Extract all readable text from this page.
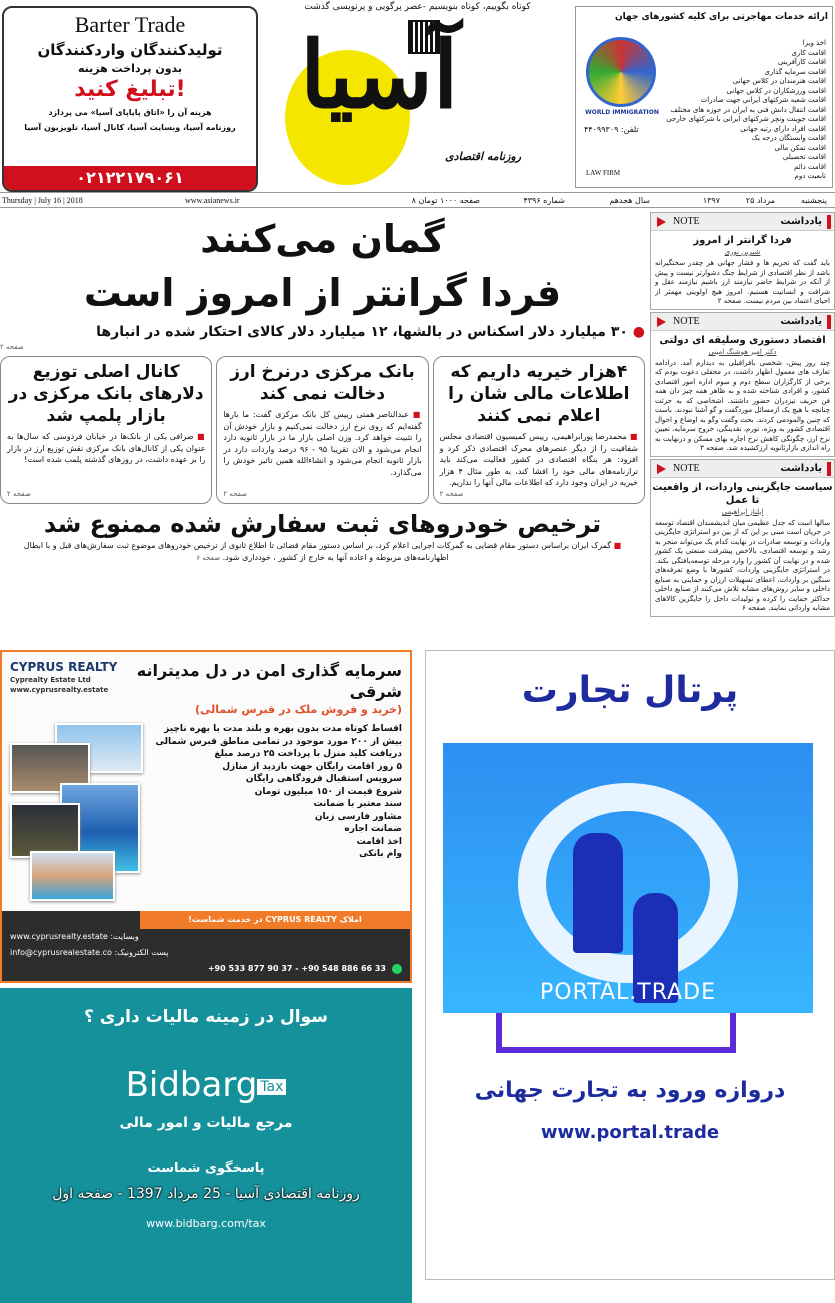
Barter Trade
تولیدکنندگان واردکنندگان
بدون پرداخت هزینه
تبلیغ کنید!
هزینه آن را «اتاق پایاپای آسیا» می پردازد
روزنامه آسیا، وبسایت آسیا، کانال آسیا، تلویزیون آسیا
۰۲۱۲۲۱۷۹۰۶۱
کوتاه بگوییم، کوتاه بنویسیم -عصر پرگویی و پرنویسی گذشت
آسیا
روزنامه اقتصادی
ارائه خدمات مهاجرتی برای کلیه کشورهای جهان
اخذ ویزا
اقامت کاری
اقامت کارآفرینی
اقامت سرمایه گذاری
اقامت هنرمندان در کلاس جهانی
اقامت ورزشکاران در کلاس جهانی
اقامت شعبه شرکتهای ایرانی جهت صادرات
اقامت انتقال دانش فنی به ایران در حوزه های مختلف
اقامت جوینت ونچر شرکتهای ایرانی با شرکتهای خارجی
اقامت افراد دارای رتبه جهانی
اقامت وابستگان درجه یک
اقامت تمکن مالی
اقامت تحصیلی
اقامت دائم
تابعیت دوم
WORLD IMMIGRATION
تلفن: ۴۴۰۹۹۳۰۹
LAW FIRM
پنجشنبه
۲۵ مرداد
۱۳۹۷
سال هجدهم
شماره ۴۳۹۶
۸ صفحه ۱۰۰۰ تومان
www.asianews.ir
Thursday | July 16 | 2018
گمان می‌کنند
فردا گرانتر از امروز است
● ۳۰ میلیارد دلار اسکناس در بالشها، ۱۲ میلیارد دلار کالای احتکار شده در انبارها
صفحه ۲
۴هزار خیریه داریم که اطلاعات مالی شان را اعلام نمی کنند
■ محمدرضا پورابراهیمی، رییس کمیسیون اقتصادی مجلس شفافیت را از دیگر عنصرهای محرک اقتصادی ذکر کرد و افزود: هر بنگاه اقتصادی در کشور فعالیت می‌کند باید ترازنامه‌های مالی خود را افشا کند، به طور مثال ۴ هزار خیریه در ایران وجود دارد که اطلاعات مالی آنها را نداریم.
صفحه ۲
بانک مرکزی درنرخ ارز دخالت نمی کند
■ عبدالناصر همتی رییس کل بانک مرکزی گفت: ما بارها گفته‌ایم که روی نرخ ارز دخالت نمی‌کنیم و بازار خودش آن را تثبیت خواهد کرد. وزن اصلی بازار ما در بازار ثانویه دارد انجام می‌شود و الان تقریبا ۹۵ - ۹۶ درصد واردات دارد در بازار ثانویه انجام می‌شود و انشاءالله همین تاثیر خودش را می‌گذارد.
صفحه ۲
کانال اصلی توزیع دلارهای بانک مرکزی در بازار پلمپ شد
■ صرافی یکی از بانک‌ها در خیابان فردوسی که سال‌ها به عنوان یکی از کانال‌های بانک مرکزی نقش توزیع ارز در بازار را بر عهده داشت، در روزهای گذشته پلمب شده است!
صفحه ۲
ترخیص خودروهای ثبت سفارش شده ممنوع شد
■ گمرک ایران براساس دستور مقام قضایی به گمرکات اجرایی اعلام کرد، بر اساس دستور مقام قضائی تا اطلاع ثانوی از ترخیص خودروهای موضوع ثبت سفارش‌های قبل و با ابطال اظهارنامه‌های مربوطه و اعاده آنها به خارج از کشور ، خودداری شود. صفحه ۶
NOTE	یادداشت
فردا گرانتر از امروز
شیرین نوری
باید گفت که تحریم ها و فشار جهانی هر چقدر سختگیرانه باشد از نظر اقتصادی از شرایط جنگ دشوارتر نیست و پیش از آنکه در شرایط حاضر نیازمند ارز باشیم نیازمند عقل و شرافت و انسانیت هستیم. امروز هیچ اولویتی مهمتر از احیای اعتماد بین مردم نیست. صفحه ۲
NOTE	یادداشت
اقتصاد دستوری وسلیقه ای دولتی
دکتر امیر هوشنگ امینی
چند روز پیش، شخصی بافرافیلی به دیدارم آمد. درادامه تعارف های معمول اظهار داشت، در محفلی دعوت بودم که برخی از کارگزاران سطح دوم و سوم اداره امور اقتصادی کشور، و افرادی شناخته شده و به ظاهر همه چیز دان همه فن حریف نیزدران حضور داشتند. اشخاصی که به جرئت چنانچه با هیچ یک ازمسائل موردگفت و گو آشنا نبودند. باست که چنین والمودمی کردند. بحث وگفت وگو به اوضاع و احوال اقتصادی کشور به ویژه، تورم، نقدینگی، خروج سرمایه، تعیین نرخ ارز، چگونگی کاهش نرخ اجاره بهای مسکن و درنهایت به راه اندازی بازارثانویه ارزکشیده شد. صفحه ۳
NOTE	یادداشت
سیاست جایگزینی واردات، از واقعیت تا عمل
ایلناز ابراهیمی
سالها است که جدل عظیمی میان اندیشمندان اقتصاد توسعه در جریان است مبنی بر این که از بین دو استراتژی جایگزینی واردات و توسعه صادرات در نهایت کدام یک می‌تواند منجر به رشد و توسعه اقتصادی، بالاخص پیشرفت صنعتی یک کشور شده و در نهایت آن کشور را وارد مرحله توسعه‌یافتگی بکند. در استراتژی جایگزینی واردات، کشورها با وضع تعرفه‌های سنگین بر واردات، اعطای تسهیلات ارزان و حمایتی به صنایع داخلی و سایر روش‌های مشابه تلاش می‌کنند از صنایع داخلی حداکثر حمایت را کرده و تولیدات داخل را جایگزین کالاهای مشابه وارداتی نمایند. صفحه ۶
CYPRUS REALTY
Cyprealty Estate Ltd
www.cyprusrealty.estate
سرمایه گذاری امن در دل مدیترانه شرقی
(خرید و فروش ملک در قبرس شمالی)
اقساط کوتاه مدت بدون بهره و بلند مدت با بهره ناچیز
بیش از ۲۰۰ مورد موجود در تمامی مناطق قبرس شمالی
دریافت کلید منزل با پرداخت ۲۵ درصد مبلغ
۵ روز اقامت رایگان جهت بازدید از منازل
سرویس استقبال فرودگاهی رایگان
شروع قیمت از ۱۵۰ میلیون تومان
سند معتبر با ضمانت
مشاور فارسی زبان
ضمانت اجاره
اخذ اقامت
وام بانکی
املاک CYPRUS REALTY در خدمت شماست!
www.cyprusrealty.estate :وبسایت
info@cyprusrealestate.co :پست الکترونیک
+90 533 877 90 37 - +90 548 886 66 33
سوال در زمینه مالیات داری ؟
Bidbarg Tax
مرجع مالیات و امور مالی
پاسخگوی شماست
روزنامه اقتصادی آسیا - 25 مرداد 1397 - صفحه اول
www.bidbarg.com/tax
پرتال تجارت
PORTAL.TRADE
دروازه ورود به تجارت جهانی
www.portal.trade
